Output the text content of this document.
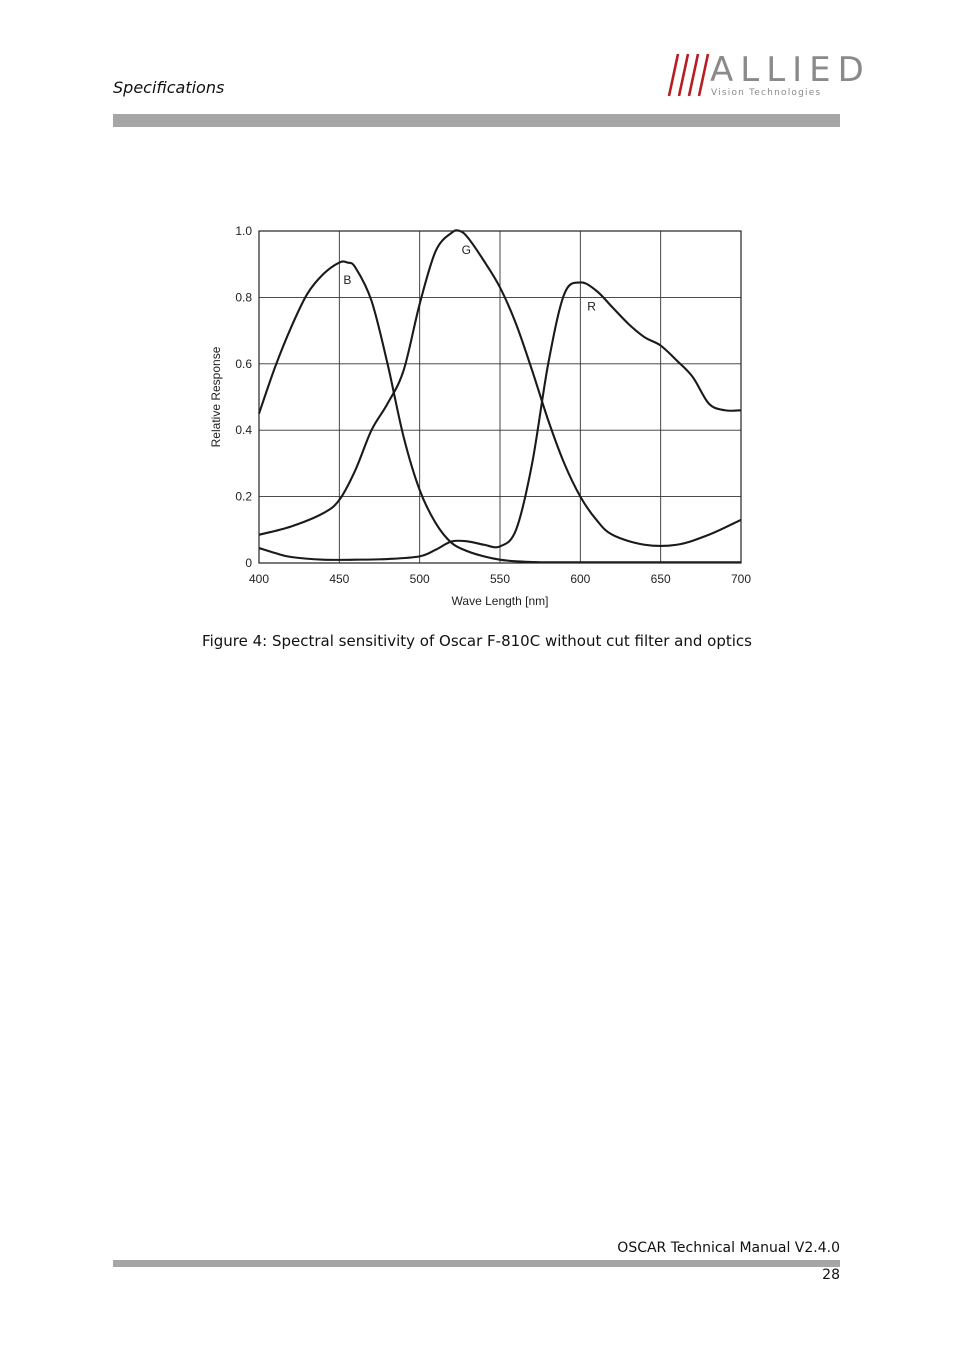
Specifications	ALLIED
Vision Technologies
400	450	500	550	600	650	700
0
0.2
0.4
0.6
0.8
1.0
B
G
R
Wave Length [nm]
Relative Response
Figure 4: Spectral sensitivity of Oscar F-810C without cut filter and optics
OSCAR Technical Manual V2.4.0
28
